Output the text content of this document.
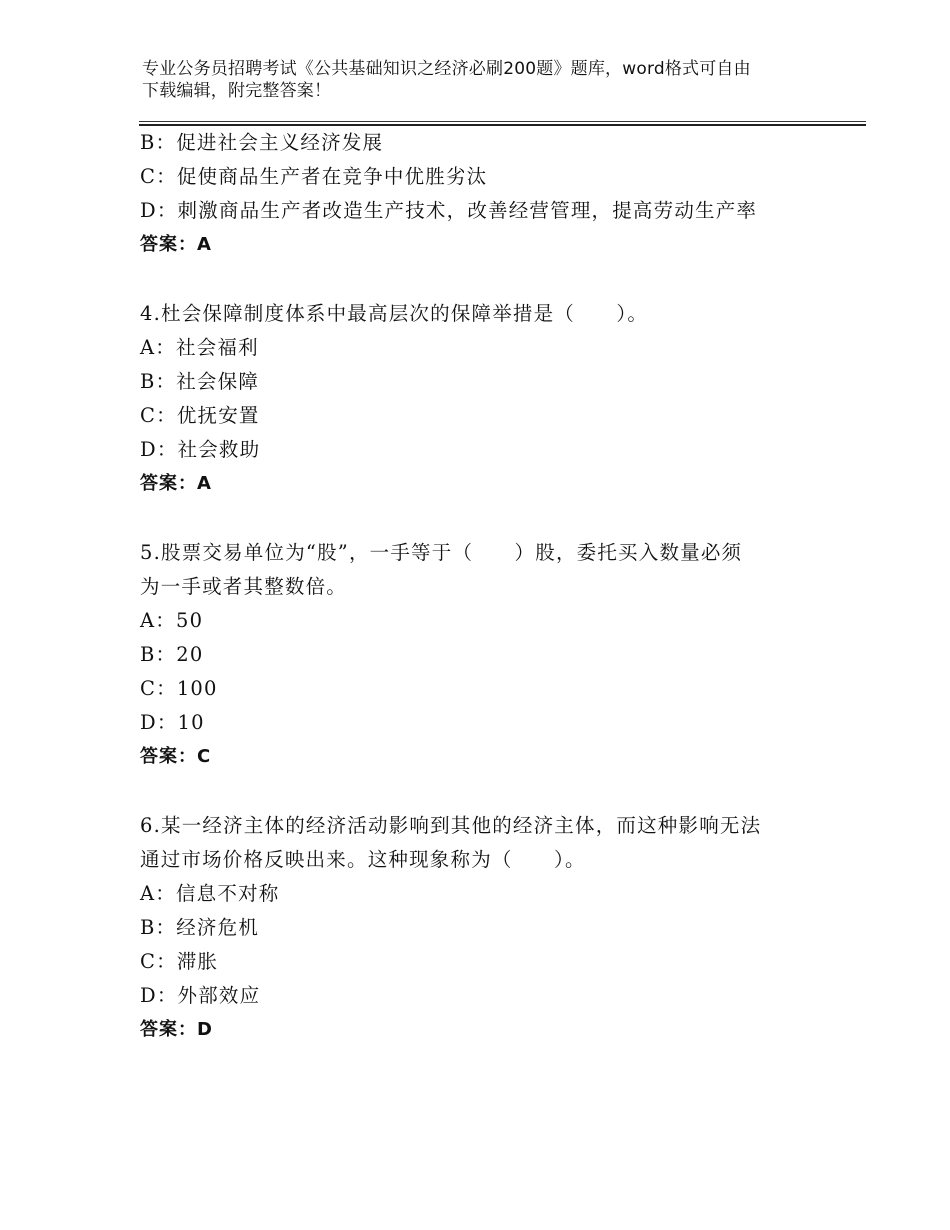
专业公务员招聘考试《公共基础知识之经济必刷200题》题库，word格式可自由
下载编辑，附完整答案！
B：促进社会主义经济发展
C：促使商品生产者在竞争中优胜劣汰
D：刺激商品生产者改造生产技术，改善经营管理，提高劳动生产率
答案：A
4.杜会保障制度体系中最高层次的保障举措是（　　）。
A：社会福利
B：社会保障
C：优抚安置
D：社会救助
答案：A
5.股票交易单位为“股”，一手等于（　　）股，委托买入数量必须
为一手或者其整数倍。
A：50
B：20
C：100
D：10
答案：C
6.某一经济主体的经济活动影响到其他的经济主体，而这种影响无法
通过市场价格反映出来。这种现象称为（　　）。
A：信息不对称
B：经济危机
C：滞胀
D：外部效应
答案：D
